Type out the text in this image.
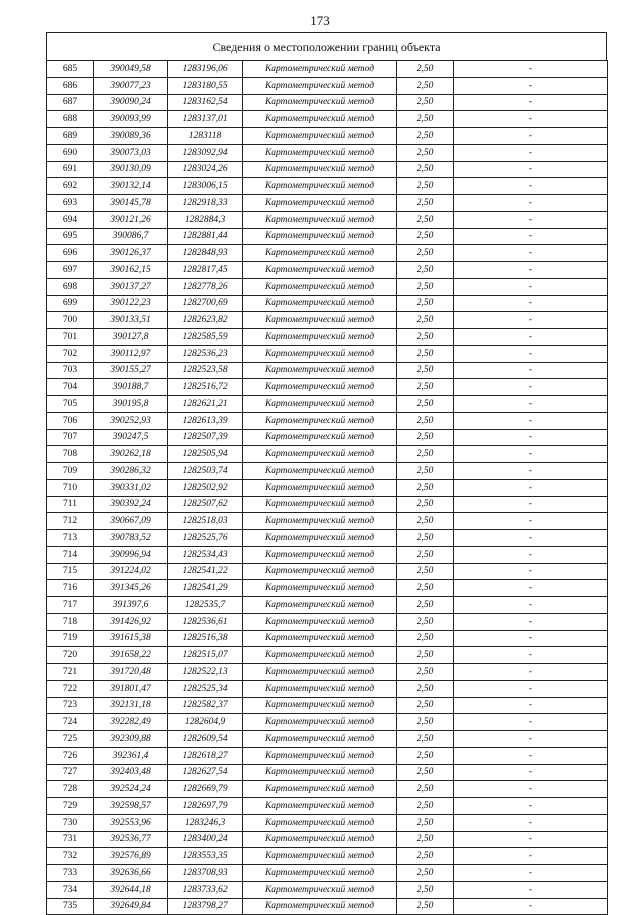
173
Сведения о местоположении границ объекта
685	390049,58	1283196,06	Картометрический метод	2,50	-
686	390077,23	1283180,55	Картометрический метод	2,50	-
687	390090,24	1283162,54	Картометрический метод	2,50	-
688	390093,99	1283137,01	Картометрический метод	2,50	-
689	390089,36	1283118	Картометрический метод	2,50	-
690	390073,03	1283092,94	Картометрический метод	2,50	-
691	390130,09	1283024,26	Картометрический метод	2,50	-
692	390132,14	1283006,15	Картометрический метод	2,50	-
693	390145,78	1282918,33	Картометрический метод	2,50	-
694	390121,26	1282884,3	Картометрический метод	2,50	-
695	390086,7	1282881,44	Картометрический метод	2,50	-
696	390126,37	1282848,93	Картометрический метод	2,50	-
697	390162,15	1282817,45	Картометрический метод	2,50	-
698	390137,27	1282778,26	Картометрический метод	2,50	-
699	390122,23	1282700,69	Картометрический метод	2,50	-
700	390133,51	1282623,82	Картометрический метод	2,50	-
701	390127,8	1282585,59	Картометрический метод	2,50	-
702	390112,97	1282536,23	Картометрический метод	2,50	-
703	390155,27	1282523,58	Картометрический метод	2,50	-
704	390188,7	1282516,72	Картометрический метод	2,50	-
705	390195,8	1282621,21	Картометрический метод	2,50	-
706	390252,93	1282613,39	Картометрический метод	2,50	-
707	390247,5	1282507,39	Картометрический метод	2,50	-
708	390262,18	1282505,94	Картометрический метод	2,50	-
709	390286,32	1282503,74	Картометрический метод	2,50	-
710	390331,02	1282502,92	Картометрический метод	2,50	-
711	390392,24	1282507,62	Картометрический метод	2,50	-
712	390667,09	1282518,03	Картометрический метод	2,50	-
713	390783,52	1282525,76	Картометрический метод	2,50	-
714	390996,94	1282534,43	Картометрический метод	2,50	-
715	391224,02	1282541,22	Картометрический метод	2,50	-
716	391345,26	1282541,29	Картометрический метод	2,50	-
717	391397,6	1282535,7	Картометрический метод	2,50	-
718	391426,92	1282536,61	Картометрический метод	2,50	-
719	391615,38	1282516,38	Картометрический метод	2,50	-
720	391658,22	1282515,07	Картометрический метод	2,50	-
721	391720,48	1282522,13	Картометрический метод	2,50	-
722	391801,47	1282525,34	Картометрический метод	2,50	-
723	392131,18	1282582,37	Картометрический метод	2,50	-
724	392282,49	1282604,9	Картометрический метод	2,50	-
725	392309,88	1282609,54	Картометрический метод	2,50	-
726	392361,4	1282618,27	Картометрический метод	2,50	-
727	392403,48	1282627,54	Картометрический метод	2,50	-
728	392524,24	1282669,79	Картометрический метод	2,50	-
729	392598,57	1282697,79	Картометрический метод	2,50	-
730	392553,96	1283246,3	Картометрический метод	2,50	-
731	392536,77	1283400,24	Картометрический метод	2,50	-
732	392576,89	1283553,35	Картометрический метод	2,50	-
733	392636,66	1283708,93	Картометрический метод	2,50	-
734	392644,18	1283733,62	Картометрический метод	2,50	-
735	392649,84	1283798,27	Картометрический метод	2,50	-
